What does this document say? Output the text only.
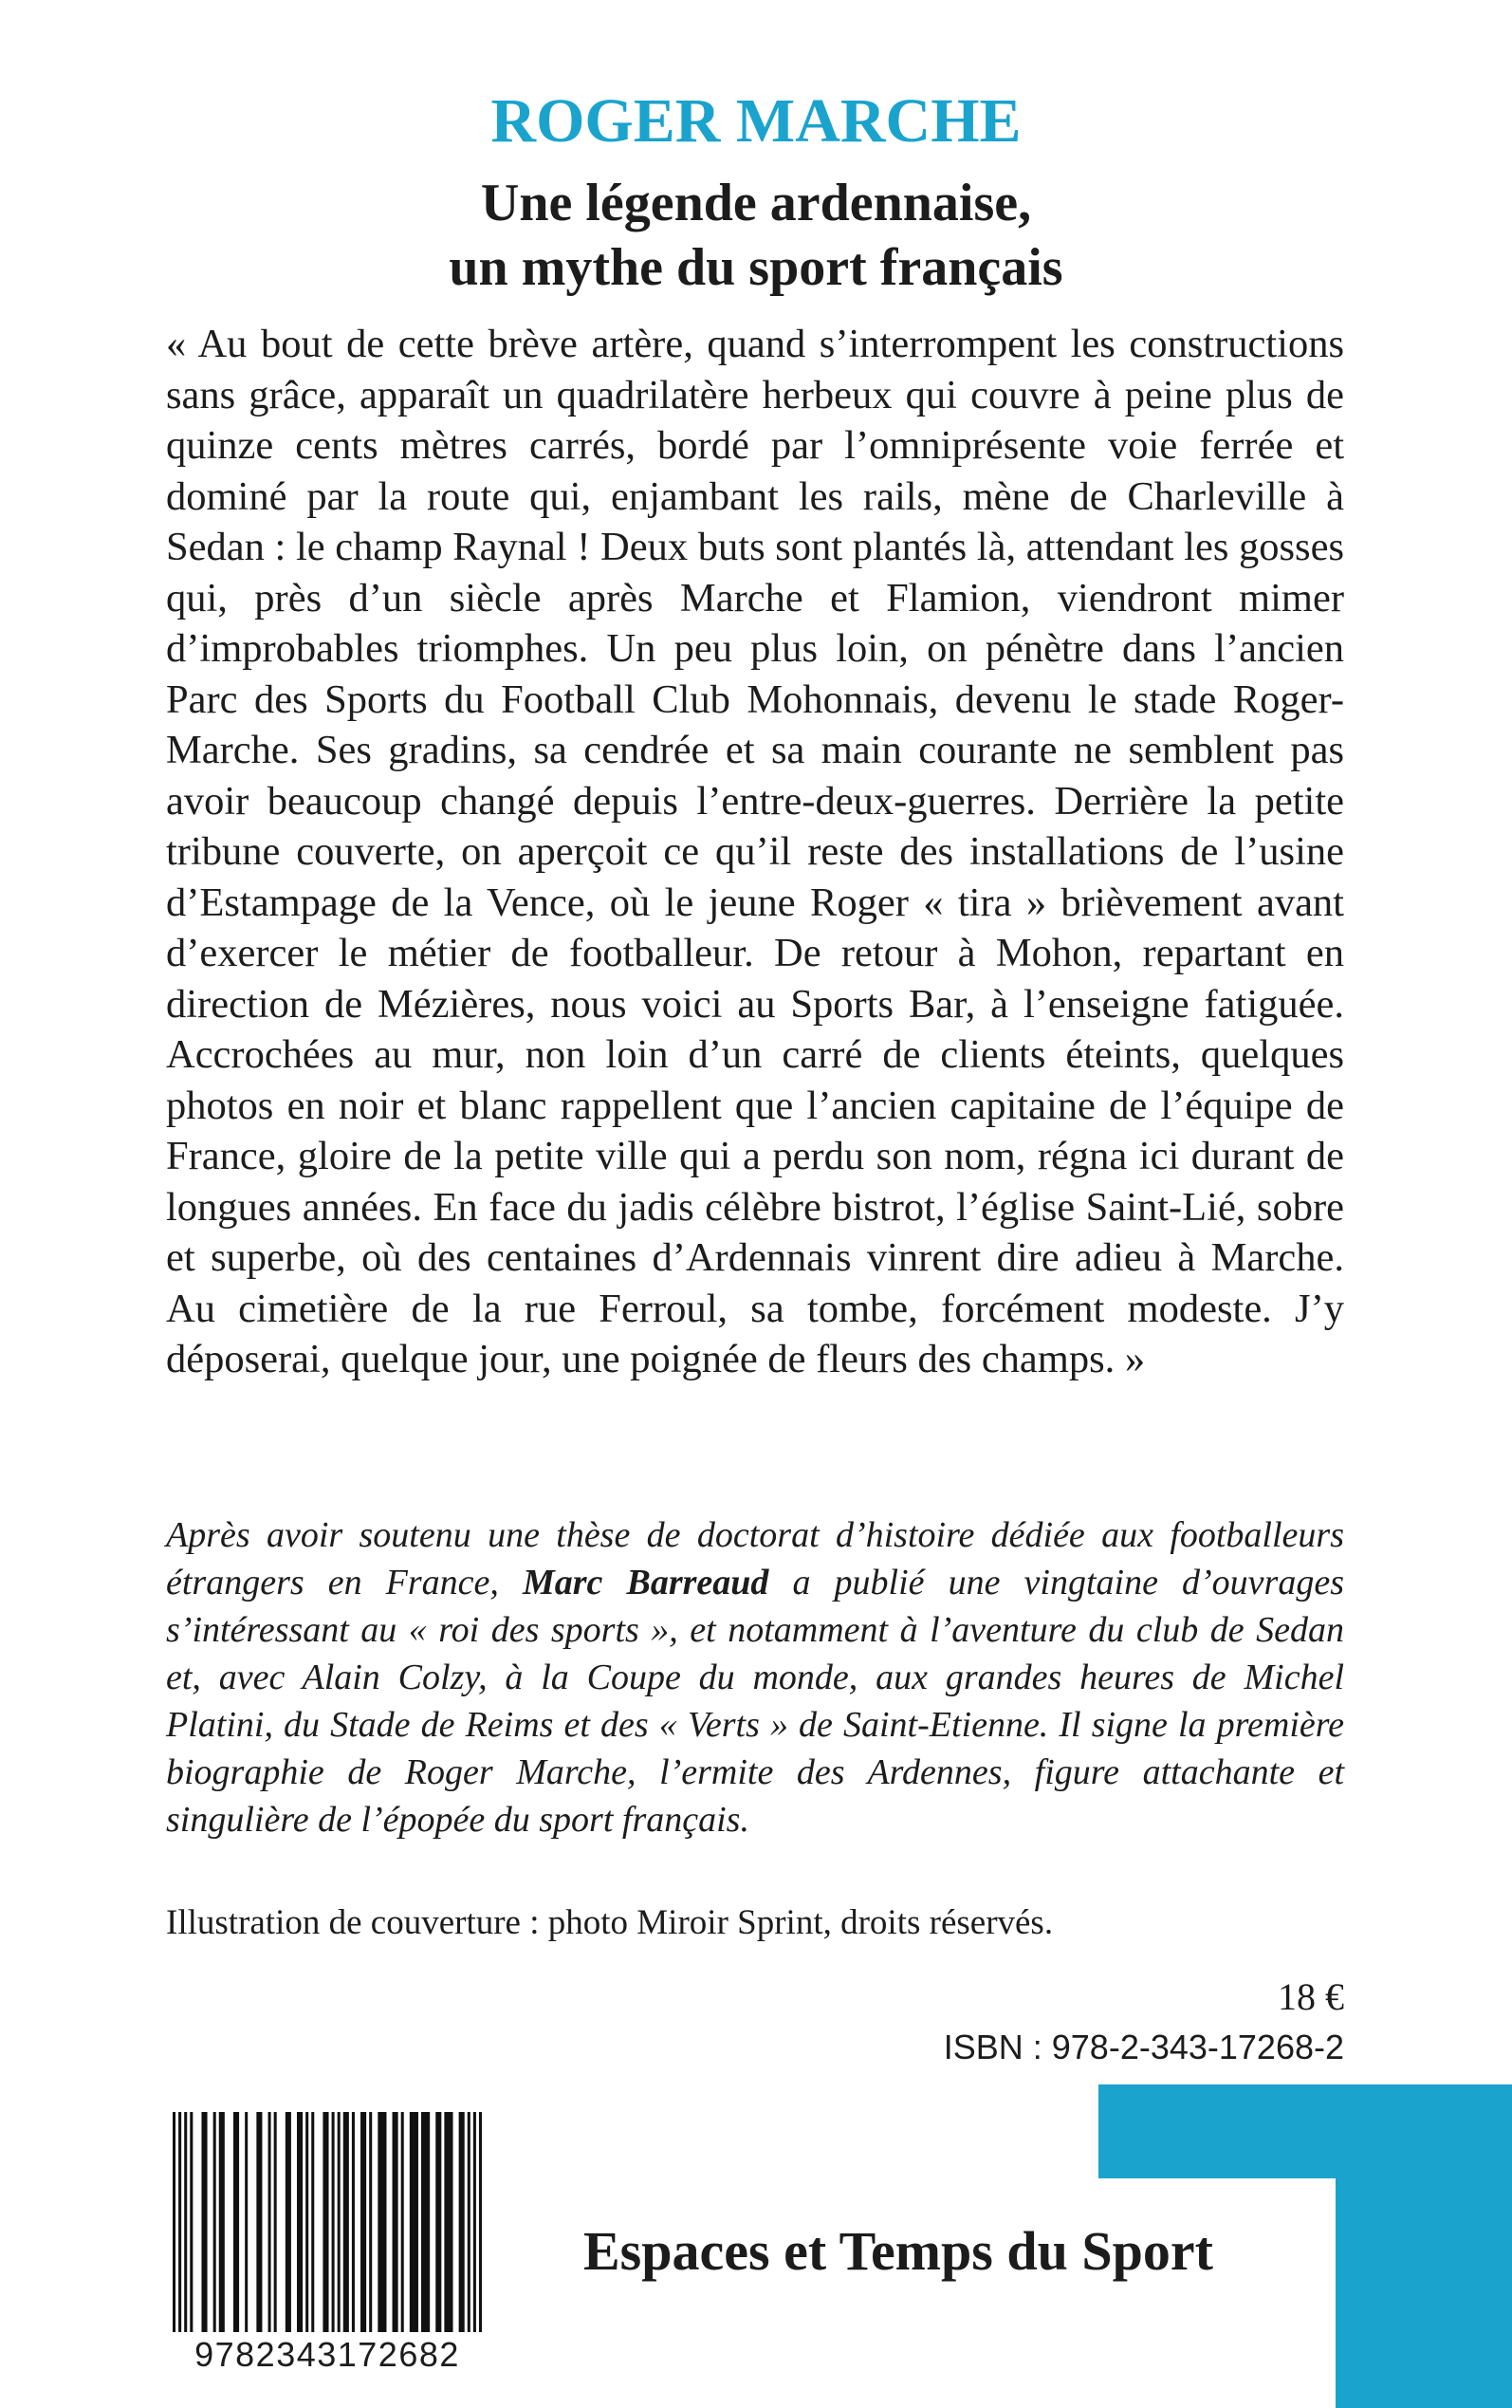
ROGER MARCHE
Une légende ardennaise,
un mythe du sport français

« Au bout de cette brève artère, quand s’interrompent les constructions sans grâce, apparaît un quadrilatère herbeux qui couvre à peine plus de quinze cents mètres carrés, bordé par l’omniprésente voie ferrée et dominé par la route qui, enjambant les rails, mène de Charleville à Sedan : le champ Raynal ! Deux buts sont plantés là, attendant les gosses qui, près d’un siècle après Marche et Flamion, viendront mimer d’improbables triomphes. Un peu plus loin, on pénètre dans l’ancien Parc des Sports du Football Club Mohonnais, devenu le stade Roger-Marche. Ses gradins, sa cendrée et sa main courante ne semblent pas avoir beaucoup changé depuis l’entre-deux-guerres. Derrière la petite tribune couverte, on aperçoit ce qu’il reste des installations de l’usine d’Estampage de la Vence, où le jeune Roger « tira » brièvement avant d’exercer le métier de footballeur. De retour à Mohon, repartant en direction de Mézières, nous voici au Sports Bar, à l’enseigne fatiguée. Accrochées au mur, non loin d’un carré de clients éteints, quelques photos en noir et blanc rappellent que l’ancien capitaine de l’équipe de France, gloire de la petite ville qui a perdu son nom, régna ici durant de longues années. En face du jadis célèbre bistrot, l’église Saint-Lié, sobre et superbe, où des centaines d’Ardennais vinrent dire adieu à Marche. Au cimetière de la rue Ferroul, sa tombe, forcément modeste. J’y déposerai, quelque jour, une poignée de fleurs des champs. »

Après avoir soutenu une thèse de doctorat d’histoire dédiée aux footballeurs étrangers en France, Marc Barreaud a publié une vingtaine d’ouvrages s’intéressant au « roi des sports », et notamment à l’aventure du club de Sedan et, avec Alain Colzy, à la Coupe du monde, aux grandes heures de Michel Platini, du Stade de Reims et des « Verts » de Saint-Etienne. Il signe la première biographie de Roger Marche, l’ermite des Ardennes, figure attachante et singulière de l’épopée du sport français.

Illustration de couverture : photo Miroir Sprint, droits réservés.

18 €
ISBN : 978-2-343-17268-2
9782343172682
Espaces et Temps du Sport
